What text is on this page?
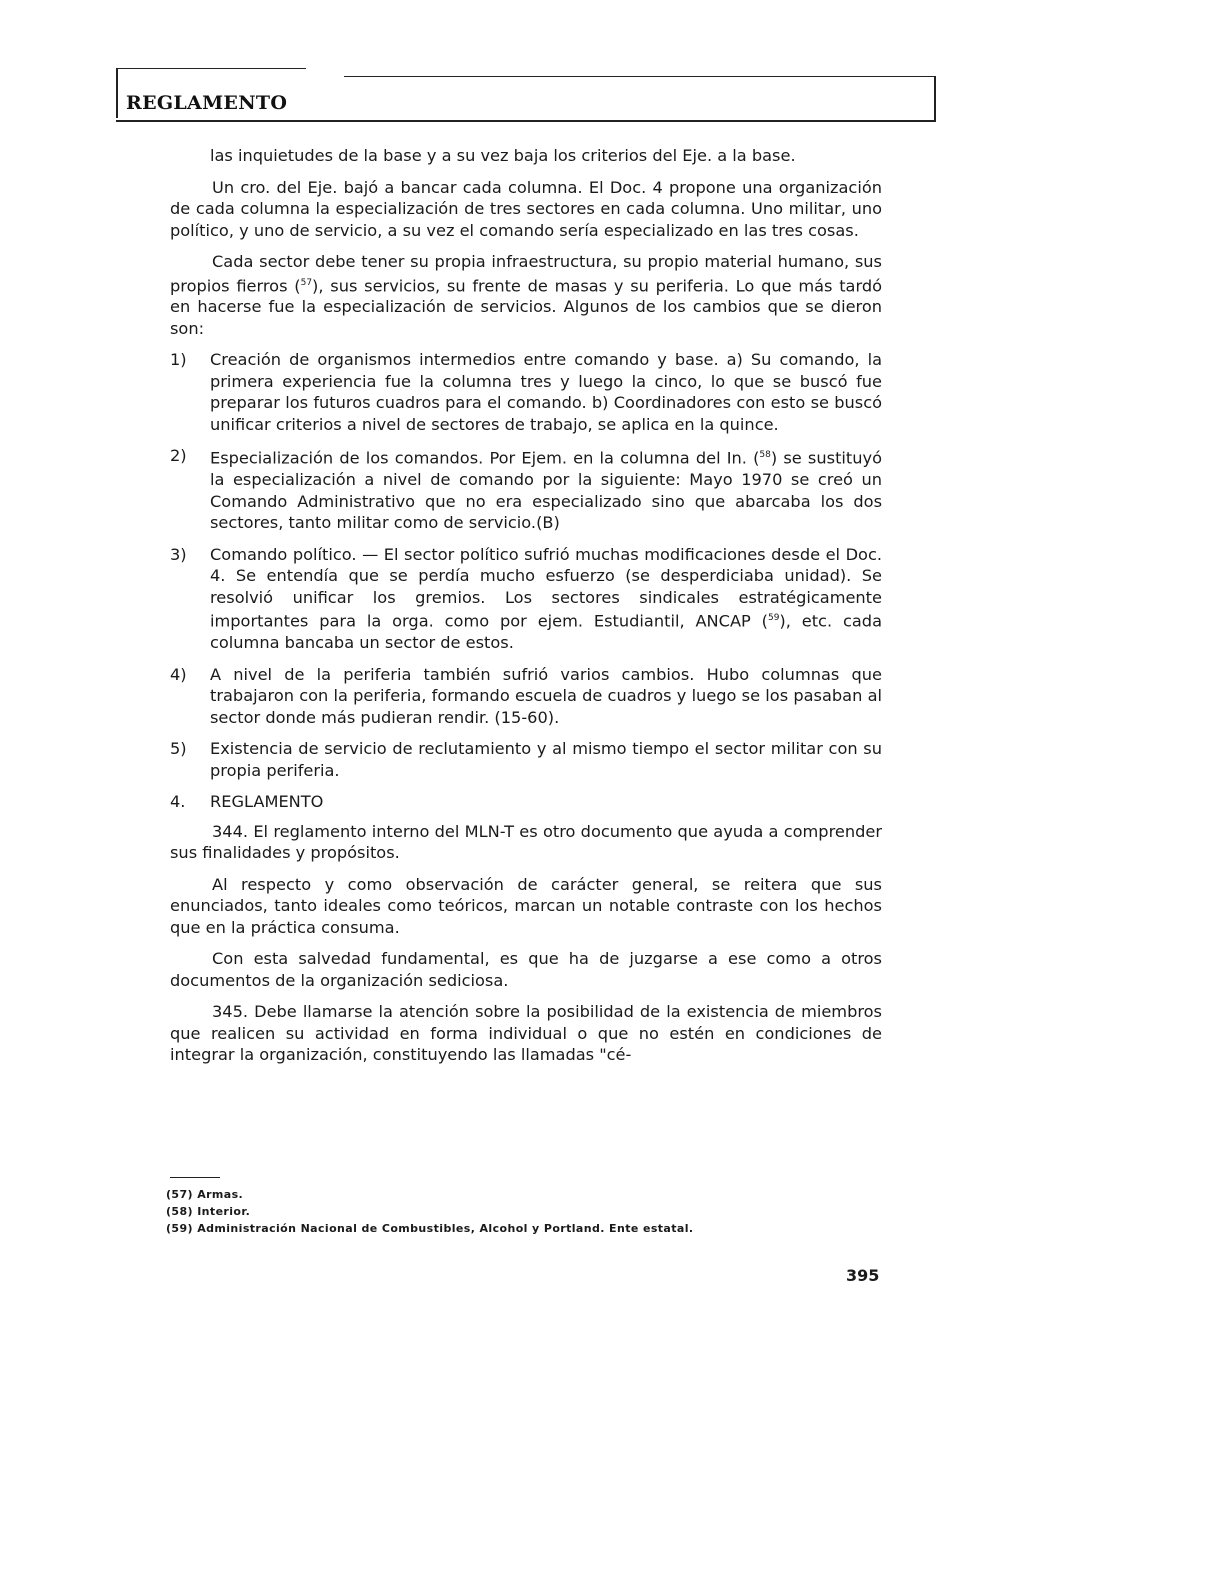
REGLAMENTO

las inquietudes de la base y a su vez baja los criterios del Eje. a la base.

Un cro. del Eje. bajó a bancar cada columna. El Doc. 4 propone una organización de cada columna la especialización de tres sectores en cada columna. Uno militar, uno político, y uno de servicio, a su vez el comando sería especializado en las tres cosas.

Cada sector debe tener su propia infraestructura, su propio material humano, sus propios fierros ($^{57}$), sus servicios, su frente de masas y su periferia. Lo que más tardó en hacerse fue la especialización de servicios. Algunos de los cambios que se dieron son:

1)	Creación de organismos intermedios entre comando y base. a) Su comando, la primera experiencia fue la columna tres y luego la cinco, lo que se buscó fue preparar los futuros cuadros para el comando. b) Coordinadores con esto se buscó unificar criterios a nivel de sectores de trabajo, se aplica en la quince.
2)	Especialización de los comandos. Por Ejem. en la columna del In. ($^{58}$) se sustituyó la especialización a nivel de comando por la siguiente: Mayo 1970 se creó un Comando Administrativo que no era especializado sino que abarcaba los dos sectores, tanto militar como de servicio.(B)
3)	Comando político. — El sector político sufrió muchas modificaciones desde el Doc. 4. Se entendía que se perdía mucho esfuerzo (se desperdiciaba unidad). Se resolvió unificar los gremios. Los sectores sindicales estratégicamente importantes para la orga. como por ejem. Estudiantil, ANCAP ($^{59}$), etc. cada columna bancaba un sector de estos.
4)	A nivel de la periferia también sufrió varios cambios. Hubo columnas que trabajaron con la periferia, formando escuela de cuadros y luego se los pasaban al sector donde más pudieran rendir. (15-60).
5)	Existencia de servicio de reclutamiento y al mismo tiempo el sector militar con su propia periferia.
4.	REGLAMENTO

344. El reglamento interno del MLN-T es otro documento que ayuda a comprender sus finalidades y propósitos.

Al respecto y como observación de carácter general, se reitera que sus enunciados, tanto ideales como teóricos, marcan un notable contraste con los hechos que en la práctica consuma.

Con esta salvedad fundamental, es que ha de juzgarse a ese como a otros documentos de la organización sediciosa.

345. Debe llamarse la atención sobre la posibilidad de la existencia de miembros que realicen su actividad en forma individual o que no estén en condiciones de integrar la organización, constituyendo las llamadas "cé-

(57) Armas.
(58) Interior.
(59) Administración Nacional de Combustibles, Alcohol y Portland. Ente estatal.
395
